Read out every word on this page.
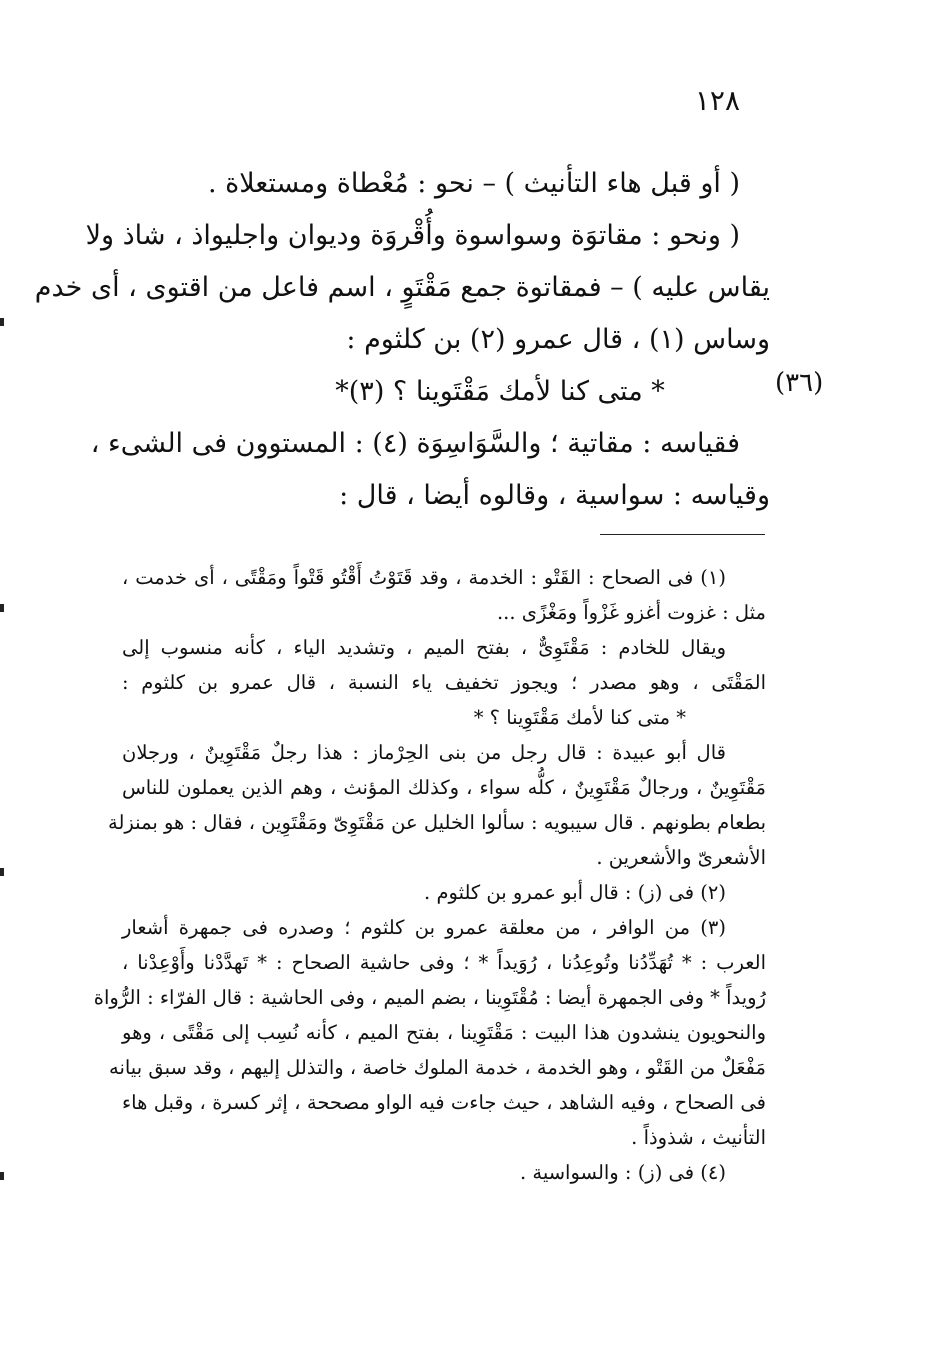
١٢٨
( أو قبل هاء التأنيث ) – نحو : مُعْطاة ومستعلاة .
( ونحو : مقاتوَة وسواسوة وأُقْروَة وديوان واجليواذ ، شاذ ولا
يقاس عليه ) – فمقاتوة جمع مَقْتَوٍ ، اسم فاعل من اقتوى ، أى خدم
وساس (١) ، قال عمرو (٢) بن كلثوم :
* متى كنا لأمك مَقْتَوينا ؟ (٣)*
فقياسه : مقاتية ؛ والسَّوَاسِوَة (٤) : المستوون فى الشىء ،
وقياسه : سواسية ، وقالوه أيضا ، قال :
(٣٦)
(١) فى الصحاح : القَتْو : الخدمة ، وقد قَتَوْتُ أَقْتُو قَتْواً ومَقْتًى ، أى خدمت ،
مثل : غزوت أغزو غَزْواً ومَغْزًى ...
ويقال للخادم : مَقْتَوِىٌّ ، بفتح الميم ، وتشديد الياء ، كأنه منسوب إلى
المَقْتَى ، وهو مصدر ؛ ويجوز تخفيف ياء النسبة ، قال عمرو بن كلثوم :
* متى كنا لأمك مَقْتَوِينا ؟ *
قال أبو عبيدة : قال رجل من بنى الحِرْماز : هذا رجلٌ مَقْتَوِينٌ ، ورجلان
مَقْتَوِينٌ ، ورجالٌ مَقْتَوِينٌ ، كلُّه سواء ، وكذلك المؤنث ، وهم الذين يعملون للناس
بطعام بطونهم . قال سيبويه : سألوا الخليل عن مَقْتَوِىّ ومَقْتَوِين ، فقال : هو بمنزلة
الأشعرىّ والأشعرين .
(٢) فى (ز) : قال أبو عمرو بن كلثوم .
(٣) من الوافر ، من معلقة عمرو بن كلثوم ؛ وصدره فى جمهرة أشعار
العرب : * تُهَدِّدُنا وتُوعِدُنا ، رُوَيداً * ؛ وفى حاشية الصحاح : * تَهدَّدْنا وأَوْعِدْنا ،
رُويداً * وفى الجمهرة أيضا : مُقْتَوِينا ، بضم الميم ، وفى الحاشية : قال الفرّاء : الرُّواة
والنحويون ينشدون هذا البيت : مَقْتَوِينا ، بفتح الميم ، كأنه نُسِب إلى مَقْتًى ، وهو
مَفْعَلٌ من القَتْو ، وهو الخدمة ، خدمة الملوك خاصة ، والتذلل إليهم ، وقد سبق بيانه
فى الصحاح ، وفيه الشاهد ، حيث جاءت فيه الواو مصححة ، إثر كسرة ، وقبل هاء
التأنيث ، شذوذاً .
(٤) فى (ز) : والسواسية .
